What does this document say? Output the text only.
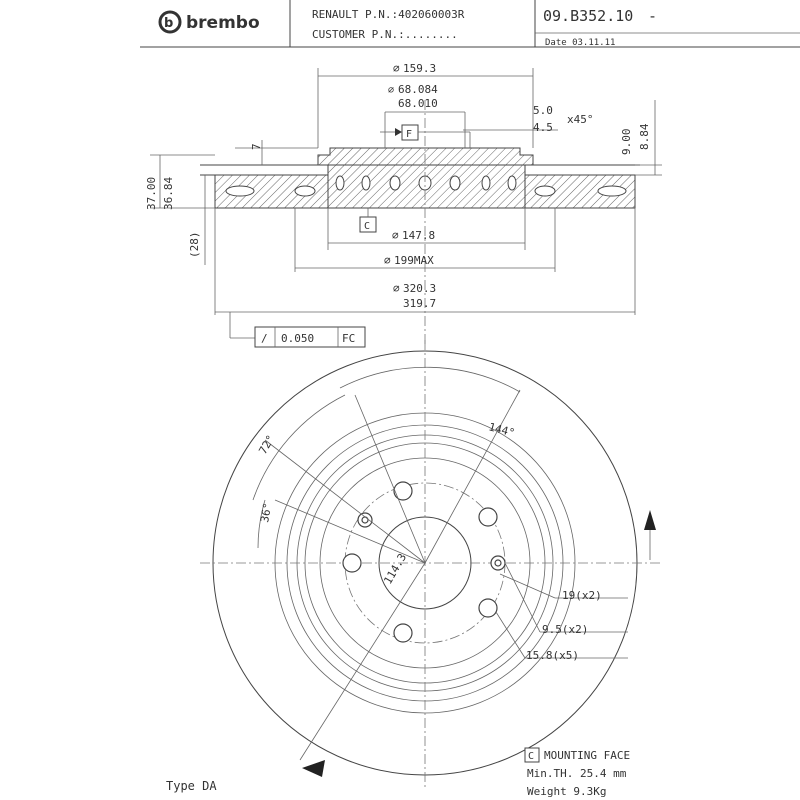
b brembo	RENAULT P.N.:402060003R
CUSTOMER P.N.:........
09.B352.10 -
Date 03.11.11
⌀ 159.3
⌀ 68.084
68.010
F
5.0
4.5
x45°
9.00 8.84
7
37.00 36.84
(28)
C
⌀ 147.8
⌀ 199MAX
⌀ 320.3
319.7
/ 0.050	FC
144°
72°
36°
114.3
19(x2)
9.5(x2)
15.8(x5)
Type DA
C MOUNTING FACE
Min.TH. 25.4 mm
Weight 9.3Kg
